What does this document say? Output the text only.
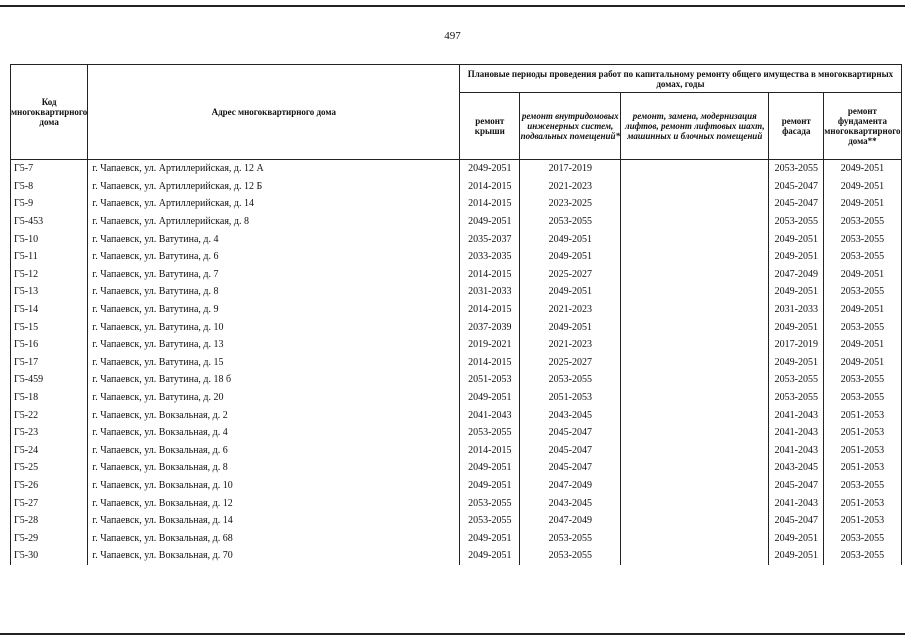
497
Код многоквартирного дома	Адрес многоквартирного дома	Плановые периоды проведения работ по капитальному ремонту общего имущества в многоквартирных домах, годы				
		ремонт крыши	ремонт внутридомовых инженерных систем, подвальных помещений*	ремонт, замена, модернизация лифтов, ремонт лифтовых шахт, машинных и блочных помещений	ремонт фасада	ремонт фундамента многоквартирного дома**
Г5-7	г. Чапаевск, ул. Артиллерийская, д. 12 А	2049-2051	2017-2019		2053-2055	2049-2051
Г5-8	г. Чапаевск, ул. Артиллерийская, д. 12 Б	2014-2015	2021-2023		2045-2047	2049-2051
Г5-9	г. Чапаевск, ул. Артиллерийская, д. 14	2014-2015	2023-2025		2045-2047	2049-2051
Г5-453	г. Чапаевск, ул. Артиллерийская, д. 8	2049-2051	2053-2055		2053-2055	2053-2055
Г5-10	г. Чапаевск, ул. Ватутина, д. 4	2035-2037	2049-2051		2049-2051	2053-2055
Г5-11	г. Чапаевск, ул. Ватутина, д. 6	2033-2035	2049-2051		2049-2051	2053-2055
Г5-12	г. Чапаевск, ул. Ватутина, д. 7	2014-2015	2025-2027		2047-2049	2049-2051
Г5-13	г. Чапаевск, ул. Ватутина, д. 8	2031-2033	2049-2051		2049-2051	2053-2055
Г5-14	г. Чапаевск, ул. Ватутина, д. 9	2014-2015	2021-2023		2031-2033	2049-2051
Г5-15	г. Чапаевск, ул. Ватутина, д. 10	2037-2039	2049-2051		2049-2051	2053-2055
Г5-16	г. Чапаевск, ул. Ватутина, д. 13	2019-2021	2021-2023		2017-2019	2049-2051
Г5-17	г. Чапаевск, ул. Ватутина, д. 15	2014-2015	2025-2027		2049-2051	2049-2051
Г5-459	г. Чапаевск, ул. Ватутина, д. 18 б	2051-2053	2053-2055		2053-2055	2053-2055
Г5-18	г. Чапаевск, ул. Ватутина, д. 20	2049-2051	2051-2053		2053-2055	2053-2055
Г5-22	г. Чапаевск, ул. Вокзальная, д. 2	2041-2043	2043-2045		2041-2043	2051-2053
Г5-23	г. Чапаевск, ул. Вокзальная, д. 4	2053-2055	2045-2047		2041-2043	2051-2053
Г5-24	г. Чапаевск, ул. Вокзальная, д. 6	2014-2015	2045-2047		2041-2043	2051-2053
Г5-25	г. Чапаевск, ул. Вокзальная, д. 8	2049-2051	2045-2047		2043-2045	2051-2053
Г5-26	г. Чапаевск, ул. Вокзальная, д. 10	2049-2051	2047-2049		2045-2047	2053-2055
Г5-27	г. Чапаевск, ул. Вокзальная, д. 12	2053-2055	2043-2045		2041-2043	2051-2053
Г5-28	г. Чапаевск, ул. Вокзальная, д. 14	2053-2055	2047-2049		2045-2047	2051-2053
Г5-29	г. Чапаевск, ул. Вокзальная, д. 68	2049-2051	2053-2055		2049-2051	2053-2055
Г5-30	г. Чапаевск, ул. Вокзальная, д. 70	2049-2051	2053-2055		2049-2051	2053-2055
